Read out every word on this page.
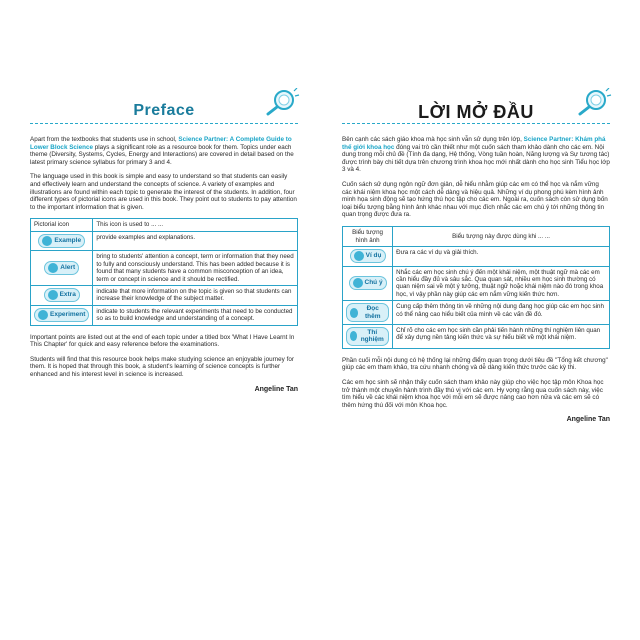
Preface

Apart from the textbooks that students use in school, Science Partner: A Complete Guide to Lower Block Science plays a significant role as a resource book for them. Topics under each theme (Diversity, Systems, Cycles, Energy and Interactions) are covered in detail based on the latest primary science syllabus for primary 3 and 4.

The language used in this book is simple and easy to understand so that students can easily and effectively learn and understand the concepts of science. A variety of examples and illustrations are found within each topic to generate the interest of the students. In addition, four different types of pictorial icons are used in this book. They point out to students to pay attention to the important information that is given.

Pictorial icon	This icon is used to ... ...

Example	provide examples and explanations.

Alert	bring to students' attention a concept, term or information that they need to fully and consciously understand. This has been added because it is found that many students have a common misconception of an idea, term or concept in science and it should be rectified.

Extra	indicate that more information on the topic is given so that students can increase their knowledge of the subject matter.

Experiment	indicate to students the relevant experiments that need to be conducted so as to build knowledge and understanding of a concept.

Important points are listed out at the end of each topic under a titled box 'What I Have Learnt In This Chapter' for quick and easy reference before the examinations.

Students will find that this resource book helps make studying science an enjoyable journey for them. It is hoped that through this book, a student's learning of science concepts is further enhanced and his interest level in science is increased.

Angeline Tan
LỜI MỞ ĐẦU

Bên cạnh các sách giáo khoa mà học sinh vẫn sử dụng trên lớp, Science Partner: Khám phá thế giới khoa học đóng vai trò cần thiết như một cuốn sách tham khảo dành cho các em. Nội dung trong mỗi chủ đề (Tính đa dạng, Hệ thống, Vòng tuần hoàn, Năng lượng và Sự tương tác) được trình bày chi tiết dựa trên chương trình khoa học mới nhất dành cho học sinh Tiểu học lớp 3 và 4.

Cuốn sách sử dụng ngôn ngữ đơn giản, dễ hiểu nhằm giúp các em có thể học và nắm vững các khái niệm khoa học một cách dễ dàng và hiệu quả. Những ví dụ phong phú kèm hình ảnh minh họa sinh động sẽ tạo hứng thú học tập cho các em. Ngoài ra, cuốn sách còn sử dụng bốn loại biểu tượng bằng hình ảnh khác nhau với mục đích nhắc các em chú ý tới những thông tin quan trọng được đưa ra.

Biểu tượng hình ảnh	Biểu tượng này được dùng khi ... ...

Ví dụ	Đưa ra các ví dụ và giải thích.

Chú ý	Nhắc các em học sinh chú ý đến một khái niệm, một thuật ngữ mà các em cần hiểu đầy đủ và sâu sắc. Qua quan sát, nhiều em học sinh thường có quan niệm sai về một ý tưởng, thuật ngữ hoặc khái niệm nào đó trong khoa học, vì vậy phần này giúp các em nắm vững kiến thức hơn.

Đọc thêm	Cung cấp thêm thông tin về những nội dung đang học giúp các em học sinh có thể nâng cao hiểu biết của mình về các vấn đề đó.

Thí nghiệm	Chỉ rõ cho các em học sinh cần phải tiến hành những thí nghiệm liên quan để xây dựng nền tảng kiến thức và sự hiểu biết về một khái niệm.

Phần cuối mỗi nội dung có hệ thống lại những điểm quan trọng dưới tiêu đề "Tổng kết chương" giúp các em tham khảo, tra cứu nhanh chóng và dễ dàng kiến thức trước các kỳ thi.

Các em học sinh sẽ nhận thấy cuốn sách tham khảo này giúp cho việc học tập môn Khoa học trở thành một chuyến hành trình đầy thú vị với các em. Hy vọng rằng qua cuốn sách này, việc tìm hiểu về các khái niệm khoa học với mỗi em sẽ được nâng cao hơn nữa và các em sẽ có thêm hứng thú đối với môn Khoa học.

Angeline Tan
